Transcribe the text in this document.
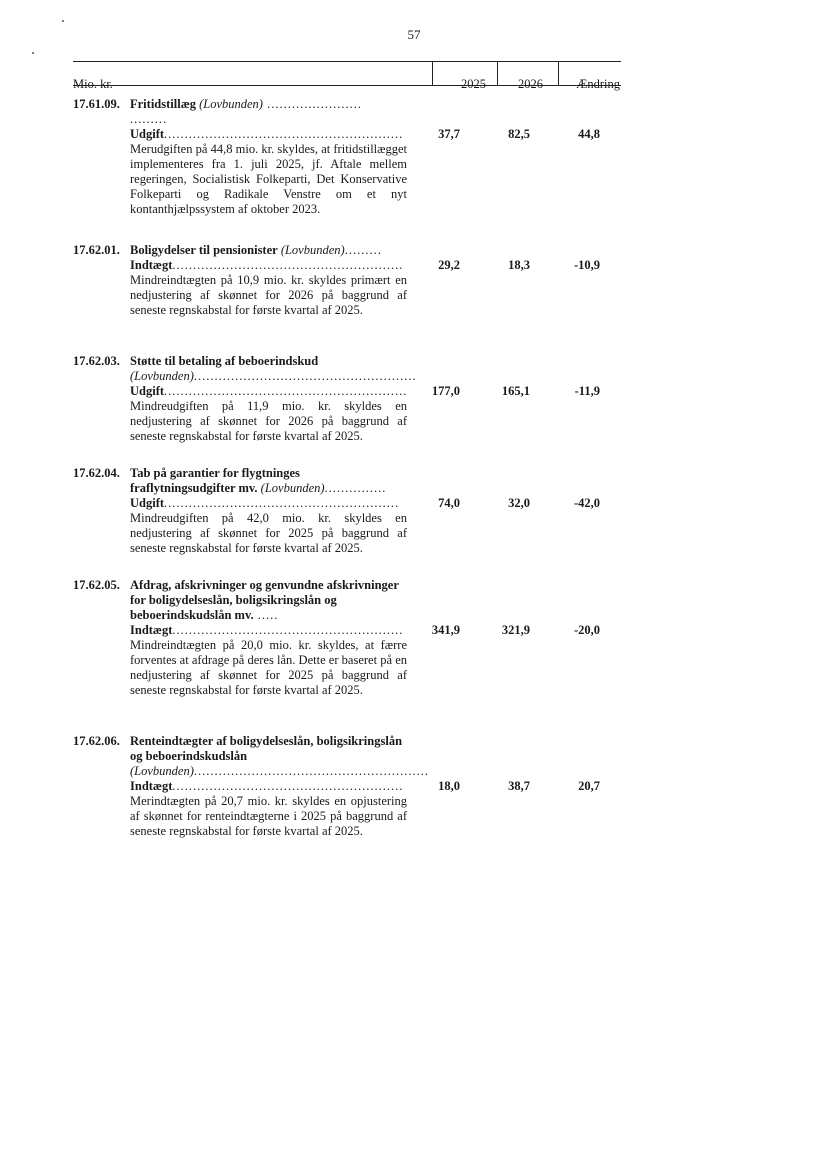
57
Mio. kr.	2025	2026	Ændring
17.61.09. Fritidstillæg (Lovbunden) ....................... .........
Udgift..........................................................	37,7	82,5	44,8
Merudgiften på 44,8 mio. kr. skyldes, at fritidstillægget implementeres fra 1. juli 2025, jf. Aftale mellem regeringen, Socialistisk Folkeparti, Det Konservative Folkeparti og Radikale Venstre om et nyt kontanthjælpssystem af oktober 2023.
17.62.01. Boligydelser til pensionister (Lovbunden).........
Indtægt........................................................	29,2	18,3	-10,9
Mindreindtægten på 10,9 mio. kr. skyldes primært en nedjustering af skønnet for 2026 på baggrund af seneste regnskabstal for første kvartal af 2025.
17.62.03. Støtte til betaling af beboerindskud
(Lovbunden)......................................................
Udgift...........................................................	177,0	165,1	-11,9
Mindreudgiften på 11,9 mio. kr. skyldes en nedjustering af skønnet for 2026 på baggrund af seneste regnskabstal for første kvartal af 2025.
17.62.04. Tab på garantier for flygtninges fraflytningsudgifter mv. (Lovbunden)...............
Udgift.........................................................	74,0	32,0	-42,0
Mindreudgiften på 42,0 mio. kr. skyldes en nedjustering af skønnet for 2025 på baggrund af seneste regnskabstal for første kvartal af 2025.
17.62.05. Afdrag, afskrivninger og genvundne afskrivninger for boligydelseslån, boligsikringslån og beboerindskudslån mv. .....
Indtægt........................................................	341,9	321,9	-20,0
Mindreindtægten på 20,0 mio. kr. skyldes, at færre forventes at afdrage på deres lån. Dette er baseret på en nedjustering af skønnet for 2025 på baggrund af seneste regnskabstal for første kvartal af 2025.
17.62.06. Renteindtægter af boligydelseslån, boligsikringslån og beboerindskudslån
(Lovbunden).........................................................
Indtægt........................................................	18,0	38,7	20,7
Merindtægten på 20,7 mio. kr. skyldes en opjustering af skønnet for renteindtægterne i 2025 på baggrund af seneste regnskabstal for første kvartal af 2025.
